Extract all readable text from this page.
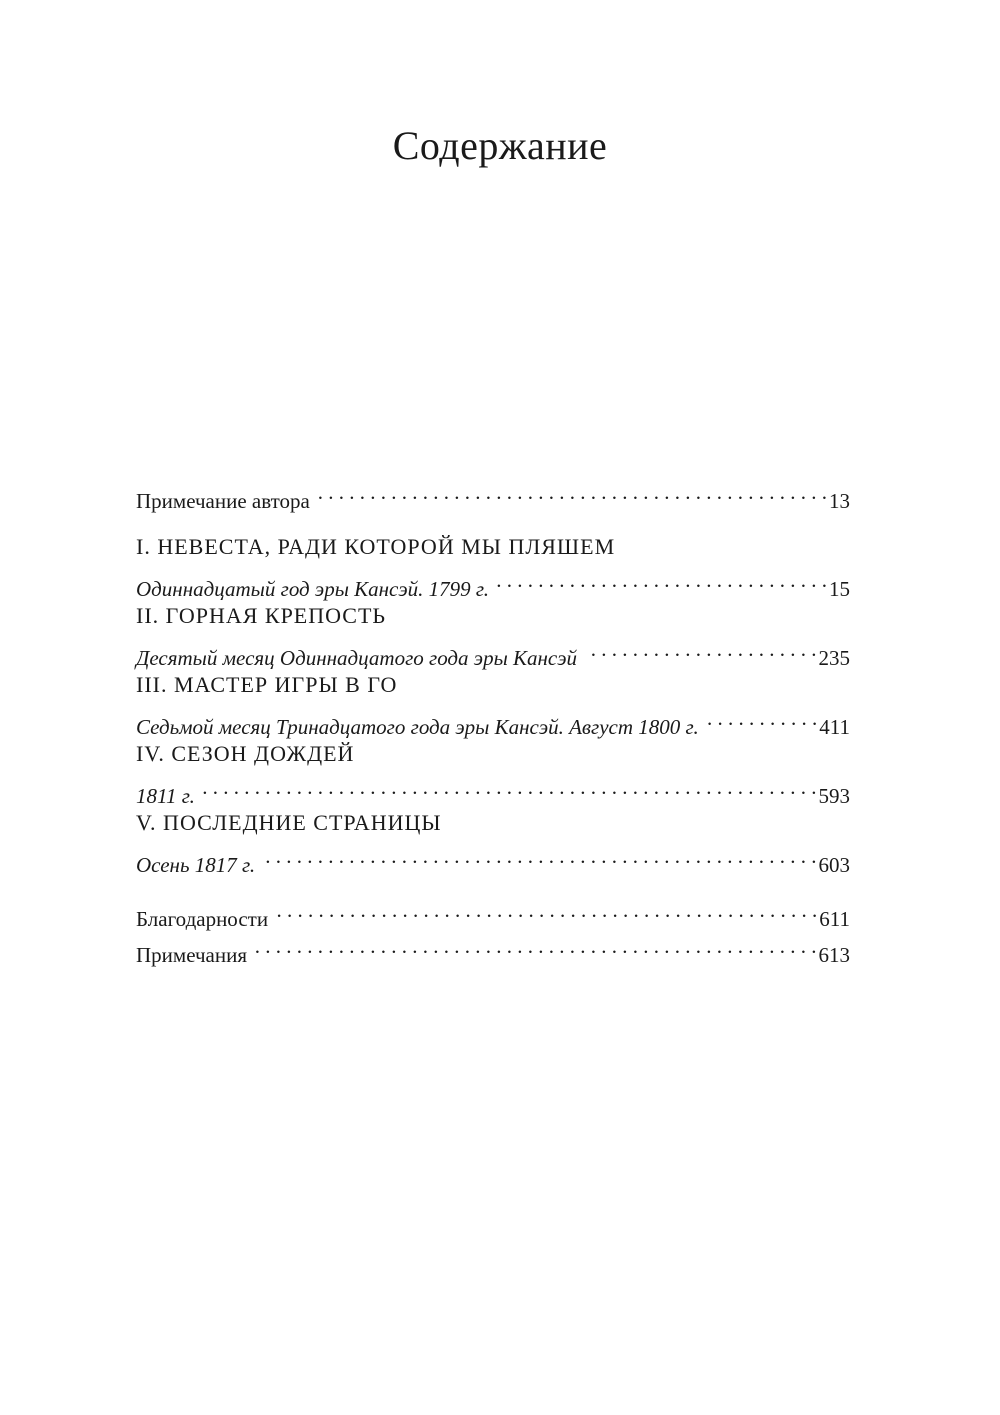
Содержание
Примечание автора . . .	13
I. НЕВЕСТА, РАДИ КОТОРОЙ МЫ ПЛЯШЕМ
Одиннадцатый год эры Кансэй. 1799 г. . . .	15
II. ГОРНАЯ КРЕПОСТЬ
Десятый месяц Одиннадцатого года эры Кансэй . . .	235
III. МАСТЕР ИГРЫ В ГО
Седьмой месяц Тринадцатого года эры Кансэй. Август 1800 г. . . .	411
IV. СЕЗОН ДОЖДЕЙ
1811 г. . . .	593
V. ПОСЛЕДНИЕ СТРАНИЦЫ
Осень 1817 г. . . .	603
Благодарности . . .	611
Примечания . . .	613
